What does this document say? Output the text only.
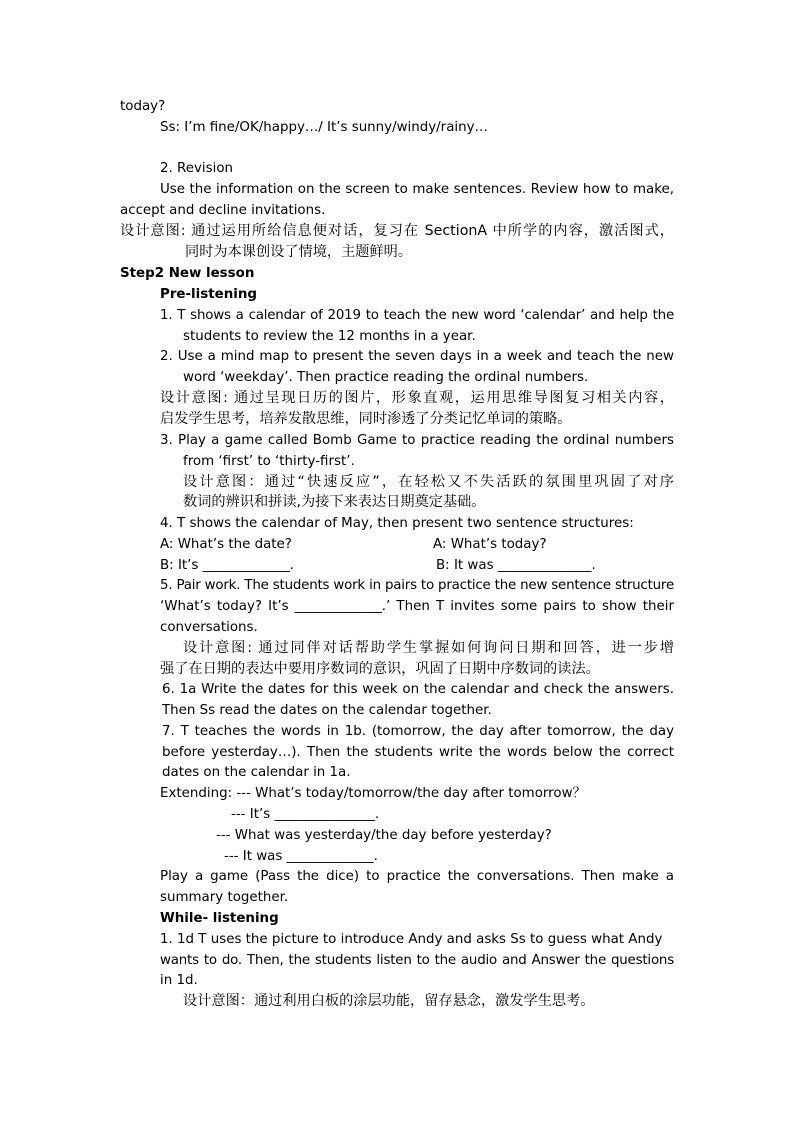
today?
Ss: I’m fine/OK/happy…/ It’s sunny/windy/rainy…
2. Revision
Use the information on the screen to make sentences. Review how to make,
accept and decline invitations.
设计意图: 通过运用所给信息便对话，复习在 SectionA 中所学的内容，激活图式，
同时为本课创设了情境，主题鲜明。
Step2 New lesson
Pre-listening
1. T shows a calendar of 2019 to teach the new word ‘calendar’ and help the
students to review the 12 months in a year.
2. Use a mind map to present the seven days in a week and teach the new
word ‘weekday’. Then practice reading the ordinal numbers.
设计意图: 通过呈现日历的图片，形象直观，运用思维导图复习相关内容，
启发学生思考，培养发散思维，同时渗透了分类记忆单词的策略。
3. Play a game called Bomb Game to practice reading the ordinal numbers
from ‘first’ to ‘thirty-first’.
设计意图：通过“快速反应”，在轻松又不失活跃的氛围里巩固了对序
数词的辨识和拼读,为接下来表达日期奠定基础。
4. T shows the calendar of May, then present two sentence structures:
A: What’s the date?	A: What’s today?
B: It’s _____________.	B: It was ______________.
5. Pair work. The students work in pairs to practice the new sentence structure
‘What’s today? It’s _____________.’ Then T invites some pairs to show their
conversations.
设计意图: 通过同伴对话帮助学生掌握如何询问日期和回答，进一步增
强了在日期的表达中要用序数词的意识，巩固了日期中序数词的读法。
6. 1a Write the dates for this week on the calendar and check the answers.
Then Ss read the dates on the calendar together.
7. T teaches the words in 1b. (tomorrow, the day after tomorrow, the day
before yesterday…). Then the students write the words below the correct
dates on the calendar in 1a.
Extending: --- What’s today/tomorrow/the day after tomorrow？
--- It’s _______________.
--- What was yesterday/the day before yesterday?
--- It was _____________.
Play a game (Pass the dice) to practice the conversations. Then make a
summary together.
While- listening
1. 1d T uses the picture to introduce Andy and asks Ss to guess what Andy
wants to do. Then, the students listen to the audio and Answer the questions
in 1d.
设计意图：通过利用白板的涂层功能，留存悬念，激发学生思考。
